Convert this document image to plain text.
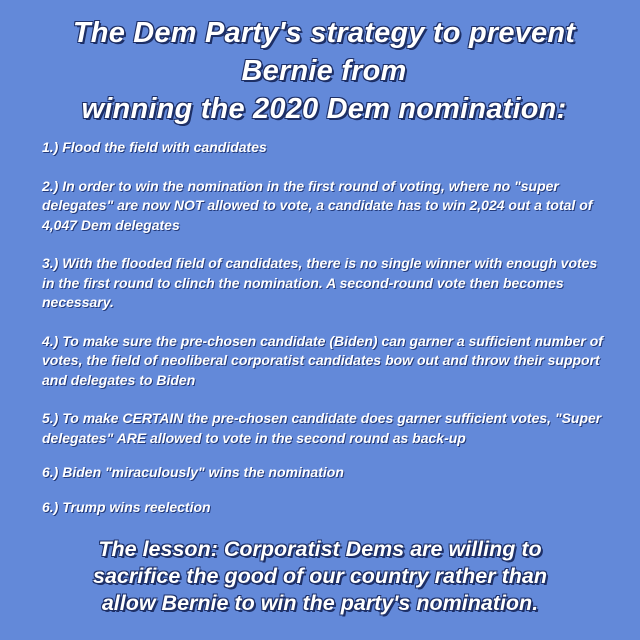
The Dem Party's strategy to prevent
Bernie from
winning the 2020 Dem nomination:
1.) Flood the field with candidates
2.) In order to win the nomination in the first round of voting, where no "super delegates" are now NOT allowed to vote, a candidate has to win 2,024 out a total of 4,047 Dem delegates
3.) With the flooded field of candidates, there is no single winner with enough votes in the first round to clinch the nomination. A second-round vote then becomes necessary.
4.) To make sure the pre-chosen candidate (Biden) can garner a sufficient number of votes, the field of neoliberal corporatist candidates bow out and throw their support and delegates to Biden
5.) To make CERTAIN the pre-chosen candidate does garner sufficient votes, "Super delegates" ARE allowed to vote in the second round as back-up
6.) Biden "miraculously" wins the nomination
6.) Trump wins reelection

The lesson: Corporatist Dems are willing to
sacrifice the good of our country rather than
allow Bernie to win the party's nomination.
